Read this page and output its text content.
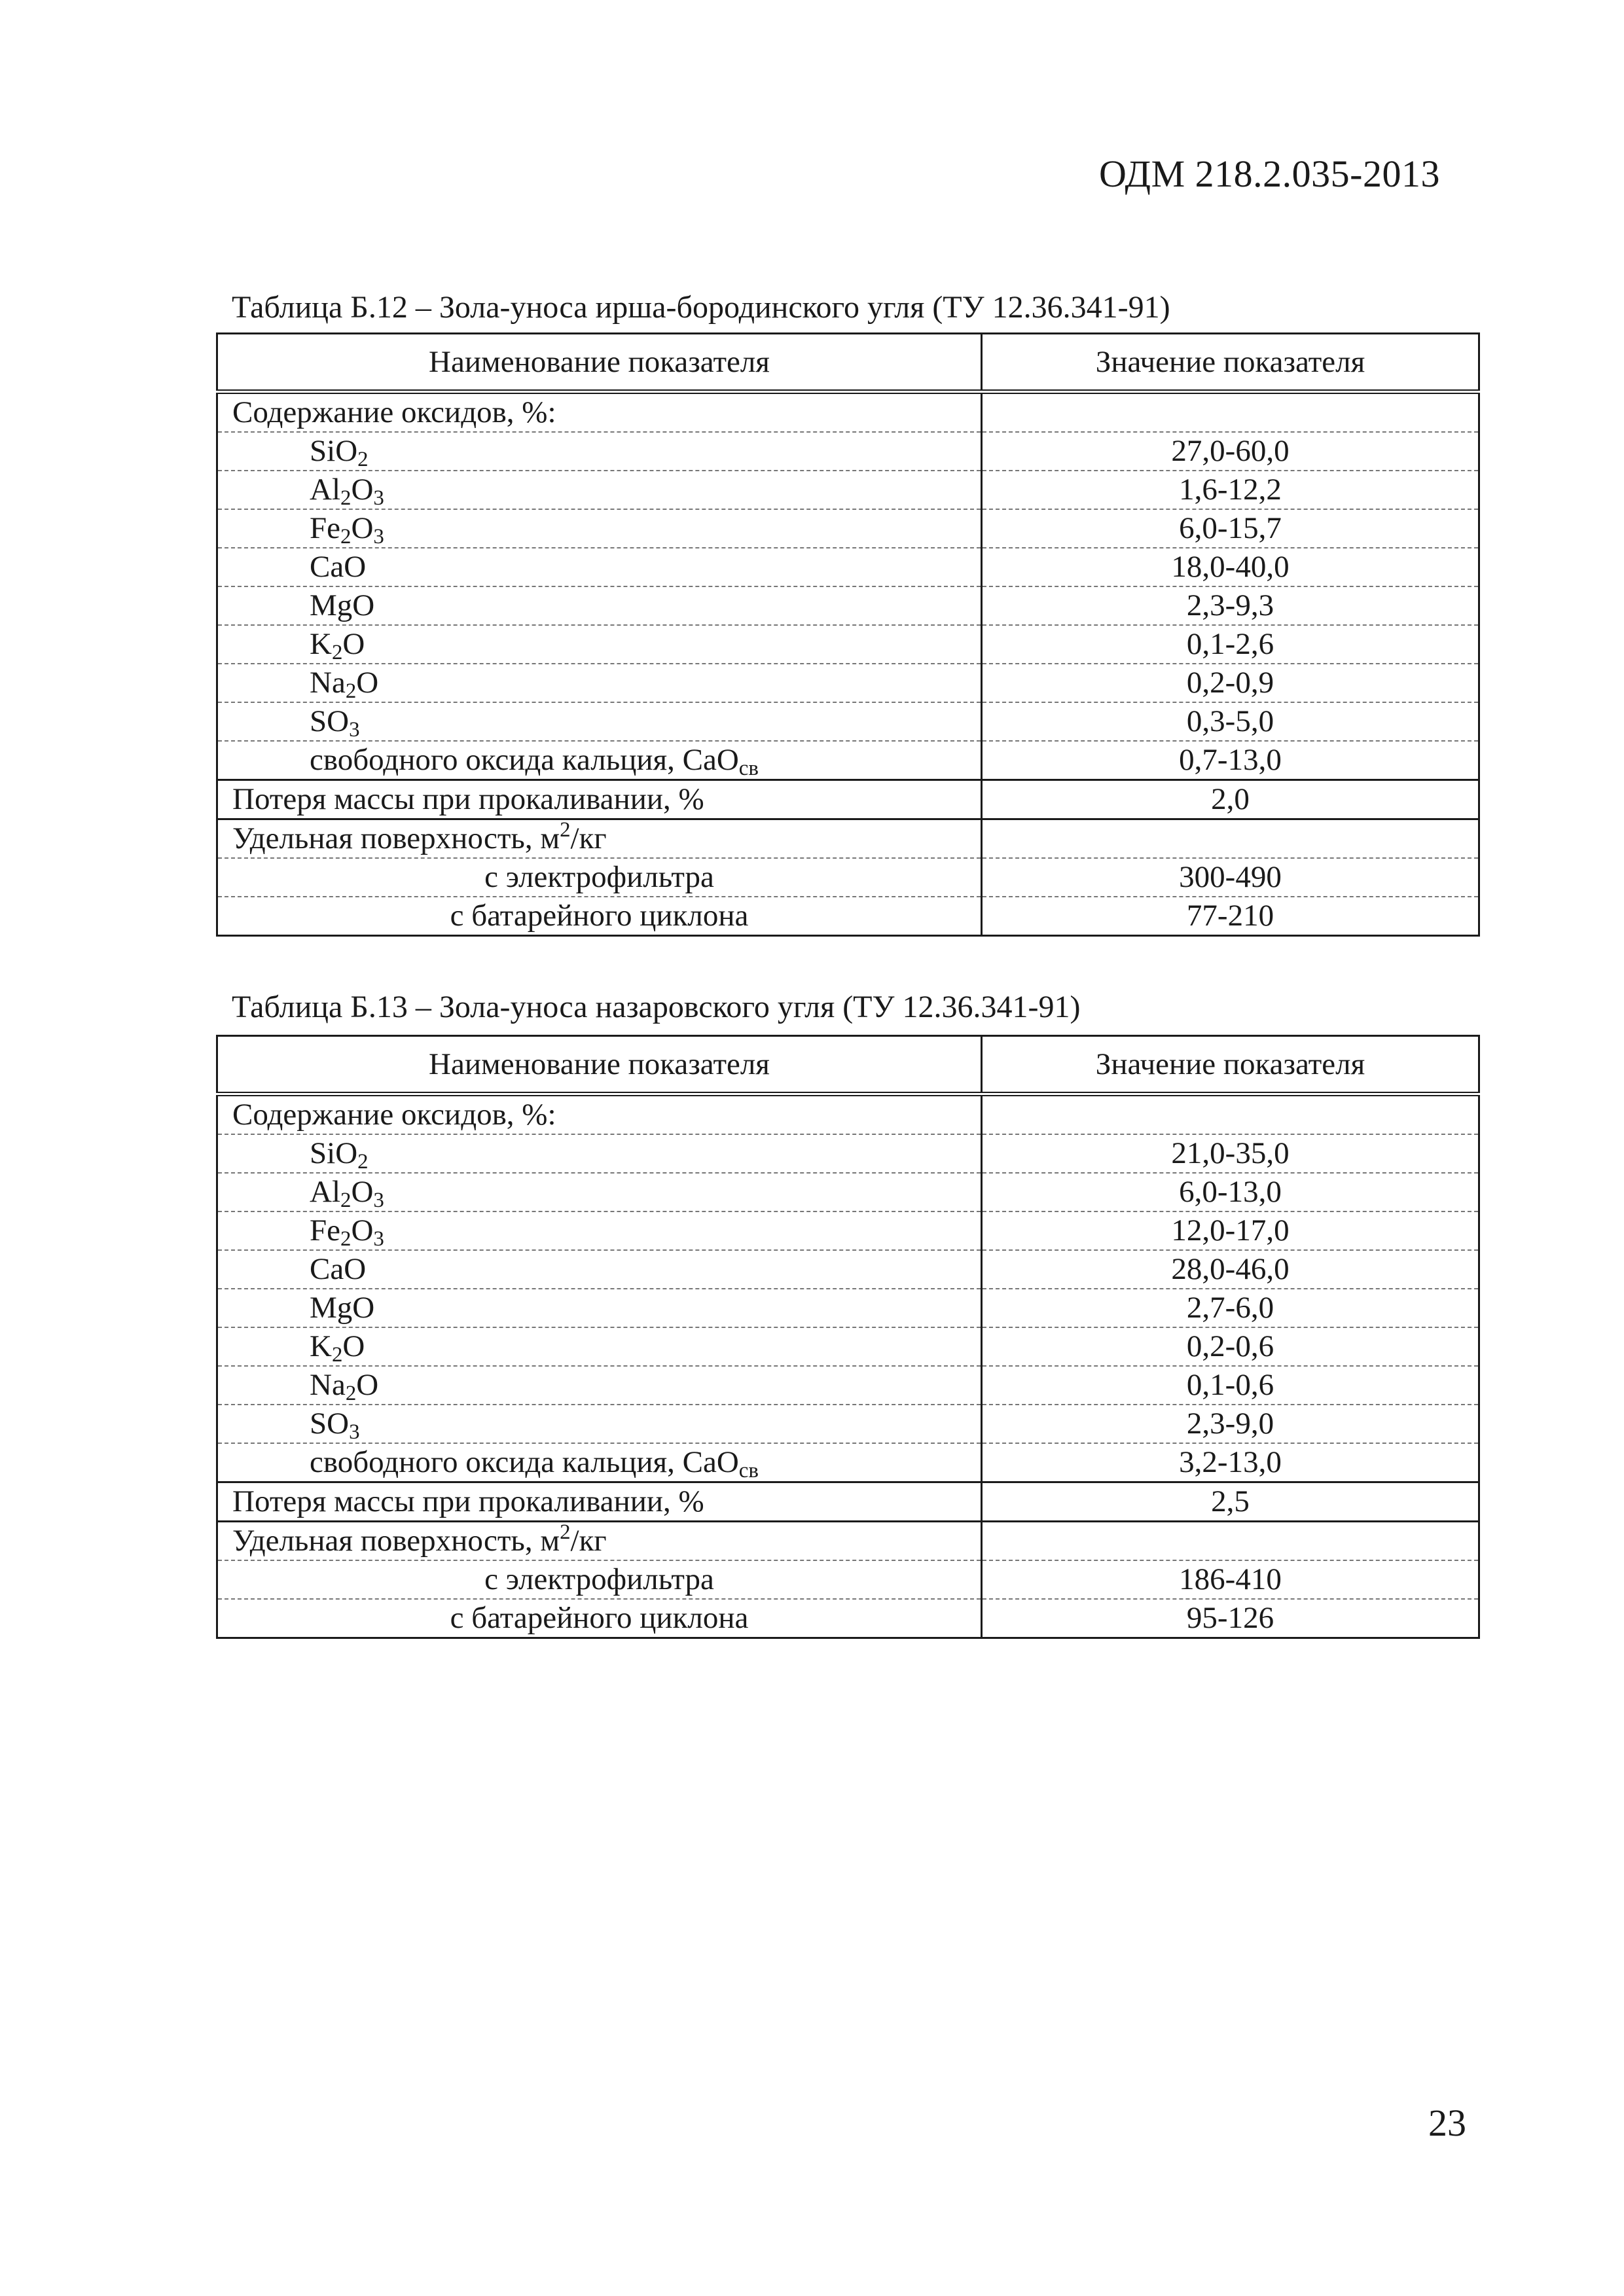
ОДМ 218.2.035-2013
Таблица Б.12 – Зола-уноса ирша-бородинского угля (ТУ 12.36.341-91)
Наименование показателя	Значение показателя
Содержание оксидов, %:	
SiO$_2$	27,0-60,0
$Al_2O_3$	1,6-12,2
$Fe_2O_3$	6,0-15,7
CaO	18,0-40,0
MgO	2,3-9,3
$K_2O$	0,1-2,6
$Na_2O$	0,2-0,9
$SO_3$	0,3-5,0
свободного оксида кальция, CaO$_{св}$	0,7-13,0
Потеря массы при прокаливании, %	2,0
Удельная поверхность, $м^2/кг$	
с электрофильтра	300-490
с батарейного циклона	77-210
Таблица Б.13 – Зола-уноса назаровского угля (ТУ 12.36.341-91)
Наименование показателя	Значение показателя
Содержание оксидов, %:	
SiO$_2$	21,0-35,0
$Al_2O_3$	6,0-13,0
$Fe_2O_3$	12,0-17,0
CaO	28,0-46,0
MgO	2,7-6,0
$K_2O$	0,2-0,6
$Na_2O$	0,1-0,6
$SO_3$	2,3-9,0
свободного оксида кальция, CaO$_{св}$	3,2-13,0
Потеря массы при прокаливании, %	2,5
Удельная поверхность, $м^2/кг$	
с электрофильтра	186-410
с батарейного циклона	95-126
23
